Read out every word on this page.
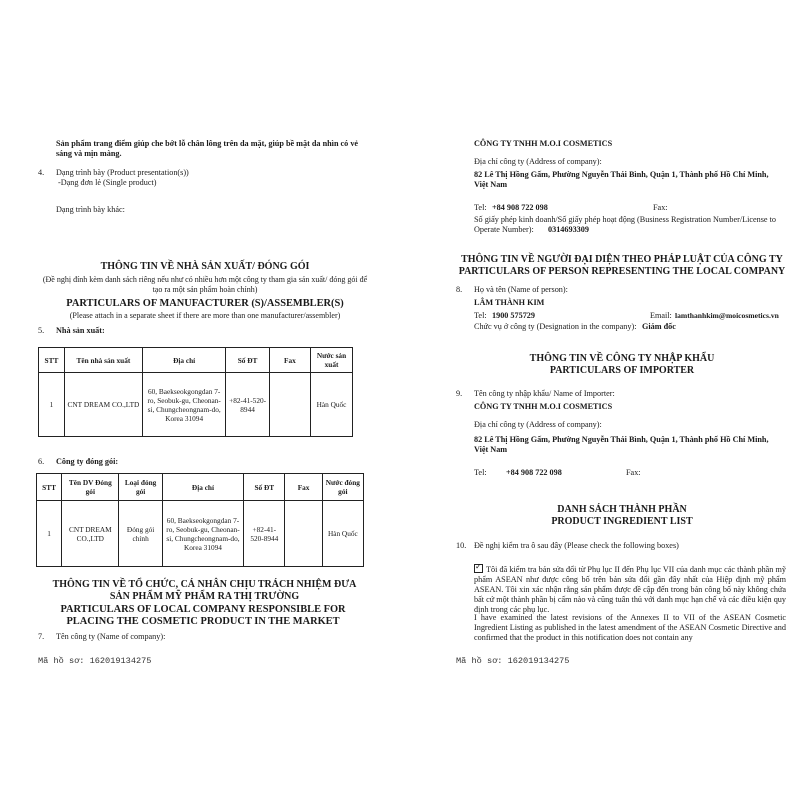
Sản phẩm trang điểm giúp che bớt lỗ chân lông trên da mặt, giúp bề mặt da nhìn có vẻ sáng và mịn màng.
4. Dạng trình bày (Product presentation(s))
-Dạng đơn lẻ (Single product)
Dạng trình bày khác:
THÔNG TIN VỀ NHÀ SẢN XUẤT/ ĐÓNG GÓI
(Đề nghị đính kèm danh sách riêng nếu như có nhiều hơn một công ty tham gia sản xuất/ đóng gói để tạo ra một sản phẩm hoàn chỉnh)
PARTICULARS OF MANUFACTURER (S)/ASSEMBLER(S)
(Please attach in a separate sheet if there are more than one manufacturer/assembler)
5. Nhà sản xuất:
STT	Tên nhà sản xuất	Địa chỉ	Số ĐT	Fax	Nước sản xuất
1	CNT DREAM CO.,LTD	60, Baekseokgongdan 7-ro, Seobuk-gu, Cheonan-si, Chungcheongnam-do, Korea 31094	+82-41-520-8944		Hàn Quốc
6. Công ty đóng gói:
STT	Tên DV Đóng gói	Loại đóng gói	Địa chỉ	Số ĐT	Fax	Nước đóng gói
1	CNT DREAM CO.,LTD	Đóng gói chính	60, Baekseokgongdan 7-ro, Seobuk-gu, Cheonan-si, Chungcheongnam-do, Korea 31094	+82-41-520-8944		Hàn Quốc
THÔNG TIN VỀ TỔ CHỨC, CÁ NHÂN CHỊU TRÁCH NHIỆM ĐƯA SẢN PHẨM MỸ PHẨM RA THỊ TRƯỜNG
PARTICULARS OF LOCAL COMPANY RESPONSIBLE FOR PLACING THE COSMETIC PRODUCT IN THE MARKET
7. Tên công ty (Name of company):
Mã hồ sơ: 162019134275
CÔNG TY TNHH M.O.I COSMETICS
Địa chỉ công ty (Address of company):
82 Lê Thị Hồng Gấm, Phường Nguyễn Thái Bình, Quận 1, Thành phố Hồ Chí Minh, Việt Nam
Tel: +84 908 722 098	Fax:
Số giấy phép kinh doanh/Số giấy phép hoạt động (Business Registration Number/License to Operate Number):	0314693309
THÔNG TIN VỀ NGƯỜI ĐẠI DIỆN THEO PHÁP LUẬT CỦA CÔNG TY
PARTICULARS OF PERSON REPRESENTING THE LOCAL COMPANY
8. Họ và tên (Name of person):
LÂM THÀNH KIM
Tel: 1900 575729	Email: lamthanhkim@moicosmetics.vn
Chức vụ ở công ty (Designation in the company): Giám đốc
THÔNG TIN VỀ CÔNG TY NHẬP KHẨU
PARTICULARS OF IMPORTER
9. Tên công ty nhập khẩu/ Name of Importer:
CÔNG TY TNHH M.O.I COSMETICS
Địa chỉ công ty (Address of company):
82 Lê Thị Hồng Gấm, Phường Nguyễn Thái Bình, Quận 1, Thành phố Hồ Chí Minh, Việt Nam
Tel: +84 908 722 098	Fax:
DANH SÁCH THÀNH PHẦN
PRODUCT INGREDIENT LIST
10. Đề nghị kiểm tra ô sau đây (Please check the following boxes)
✓Tôi đã kiểm tra bản sửa đổi từ Phụ lục II đến Phụ lục VII của danh mục các thành phần mỹ phẩm ASEAN như được công bố trên bản sửa đổi gần đây nhất của Hiệp định mỹ phẩm ASEAN. Tôi xin xác nhận rằng sản phẩm được đề cập đến trong bản công bố này không chứa bất cứ một thành phần bị cấm nào và cũng tuân thủ với danh mục hạn chế và các điều kiện quy định trong các phụ lục.
I have examined the latest revisions of the Annexes II to VII of the ASEAN Cosmetic Ingredient Listing as published in the latest amendment of the ASEAN Cosmetic Directive and confirmed that the product in this notification does not contain any
Mã hồ sơ: 162019134275
